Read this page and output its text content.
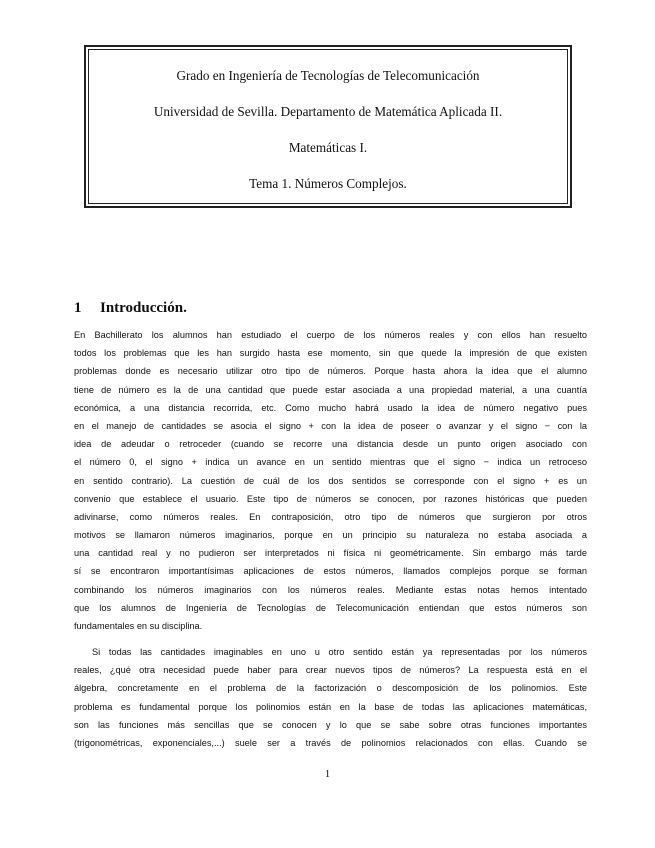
Grado en Ingeniería de Tecnologías de Telecomunicación
Universidad de Sevilla. Departamento de Matemática Aplicada II.
Matemáticas I.
Tema 1. Números Complejos.
1 Introducción.
En Bachillerato los alumnos han estudiado el cuerpo de los números reales y con ellos han resuelto
todos los problemas que les han surgido hasta ese momento, sin que quede la impresión de que existen
problemas donde es necesario utilizar otro tipo de números. Porque hasta ahora la idea que el alumno
tiene de número es la de una cantidad que puede estar asociada a una propiedad material, a una cuantía
económica, a una distancia recorrida, etc. Como mucho habrá usado la idea de número negativo pues
en el manejo de cantidades se asocia el signo + con la idea de poseer o avanzar y el signo − con la
idea de adeudar o retroceder (cuando se recorre una distancia desde un punto origen asociado con
el número 0, el signo + indica un avance en un sentido mientras que el signo − indica un retroceso
en sentido contrario). La cuestión de cuál de los dos sentidos se corresponde con el signo + es un
convenio que establece el usuario. Este tipo de números se conocen, por razones históricas que pueden
adivinarse, como números reales. En contraposición, otro tipo de números que surgieron por otros
motivos se llamaron números imaginarios, porque en un principio su naturaleza no estaba asociada a
una cantidad real y no pudieron ser interpretados ni física ni geométricamente. Sin embargo más tarde
sí se encontraron importantísimas aplicaciones de estos números, llamados complejos porque se forman
combinando los números imaginarios con los números reales. Mediante estas notas hemos intentado
que los alumnos de Ingeniería de Tecnologías de Telecomunicación entiendan que estos números son
fundamentales en su disciplina.
Si todas las cantidades imaginables en uno u otro sentido están ya representadas por los números
reales, ¿qué otra necesidad puede haber para crear nuevos tipos de números? La respuesta está en el
álgebra, concretamente en el problema de la factorización o descomposición de los polinomios. Este
problema es fundamental porque los polinomios están en la base de todas las aplicaciones matemáticas,
son las funciones más sencillas que se conocen y lo que se sabe sobre otras funciones importantes
(trigonométricas, exponenciales,...) suele ser a través de polinomios relacionados con ellas. Cuando se
1
